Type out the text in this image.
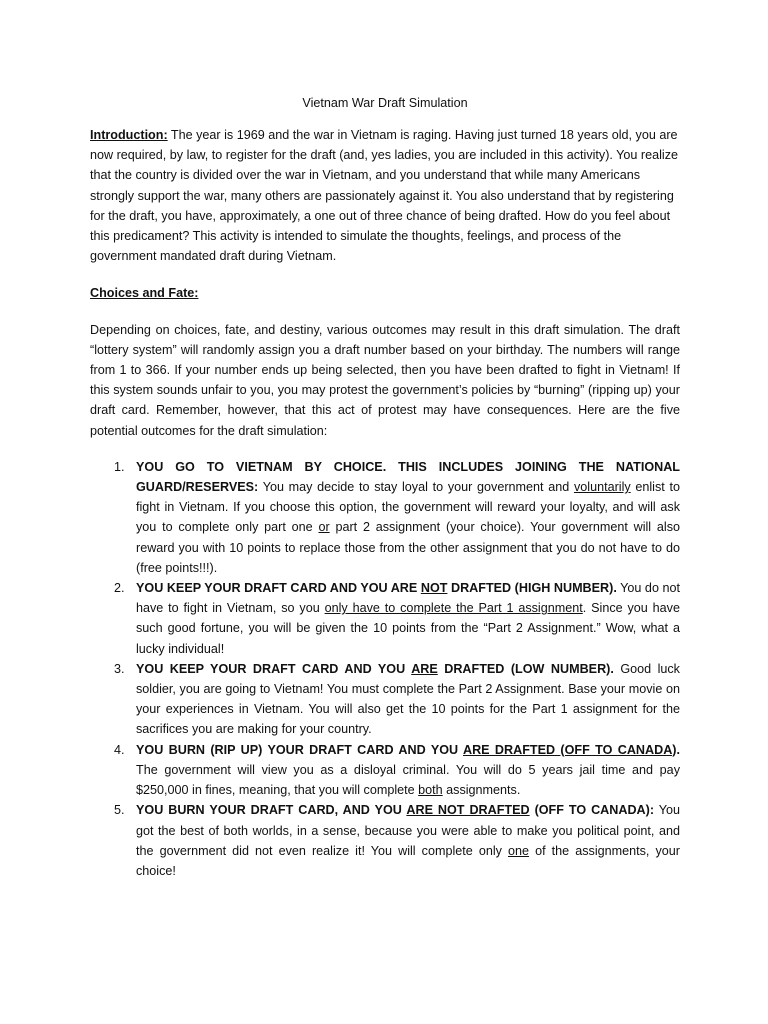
Vietnam War Draft Simulation

Introduction: The year is 1969 and the war in Vietnam is raging. Having just turned 18 years old, you are now required, by law, to register for the draft (and, yes ladies, you are included in this activity). You realize that the country is divided over the war in Vietnam, and you understand that while many Americans strongly support the war, many others are passionately against it. You also understand that by registering for the draft, you have, approximately, a one out of three chance of being drafted. How do you feel about this predicament? This activity is intended to simulate the thoughts, feelings, and process of the government mandated draft during Vietnam.

Choices and Fate:

Depending on choices, fate, and destiny, various outcomes may result in this draft simulation. The draft “lottery system” will randomly assign you a draft number based on your birthday. The numbers will range from 1 to 366. If your number ends up being selected, then you have been drafted to fight in Vietnam! If this system sounds unfair to you, you may protest the government’s policies by “burning” (ripping up) your draft card. Remember, however, that this act of protest may have consequences. Here are the five potential outcomes for the draft simulation:

1. YOU GO TO VIETNAM BY CHOICE. THIS INCLUDES JOINING THE NATIONAL GUARD/RESERVES: You may decide to stay loyal to your government and voluntarily enlist to fight in Vietnam. If you choose this option, the government will reward your loyalty, and will ask you to complete only part one or part 2 assignment (your choice). Your government will also reward you with 10 points to replace those from the other assignment that you do not have to do (free points!!!).
2. YOU KEEP YOUR DRAFT CARD AND YOU ARE NOT DRAFTED (HIGH NUMBER). You do not have to fight in Vietnam, so you only have to complete the Part 1 assignment. Since you have such good fortune, you will be given the 10 points from the “Part 2 Assignment.” Wow, what a lucky individual!
3. YOU KEEP YOUR DRAFT CARD AND YOU ARE DRAFTED (LOW NUMBER). Good luck soldier, you are going to Vietnam! You must complete the Part 2 Assignment. Base your movie on your experiences in Vietnam. You will also get the 10 points for the Part 1 assignment for the sacrifices you are making for your country.
4. YOU BURN (RIP UP) YOUR DRAFT CARD AND YOU ARE DRAFTED (OFF TO CANADA). The government will view you as a disloyal criminal. You will do 5 years jail time and pay $250,000 in fines, meaning, that you will complete both assignments.
5. YOU BURN YOUR DRAFT CARD, AND YOU ARE NOT DRAFTED (OFF TO CANADA): You got the best of both worlds, in a sense, because you were able to make you political point, and the government did not even realize it! You will complete only one of the assignments, your choice!
